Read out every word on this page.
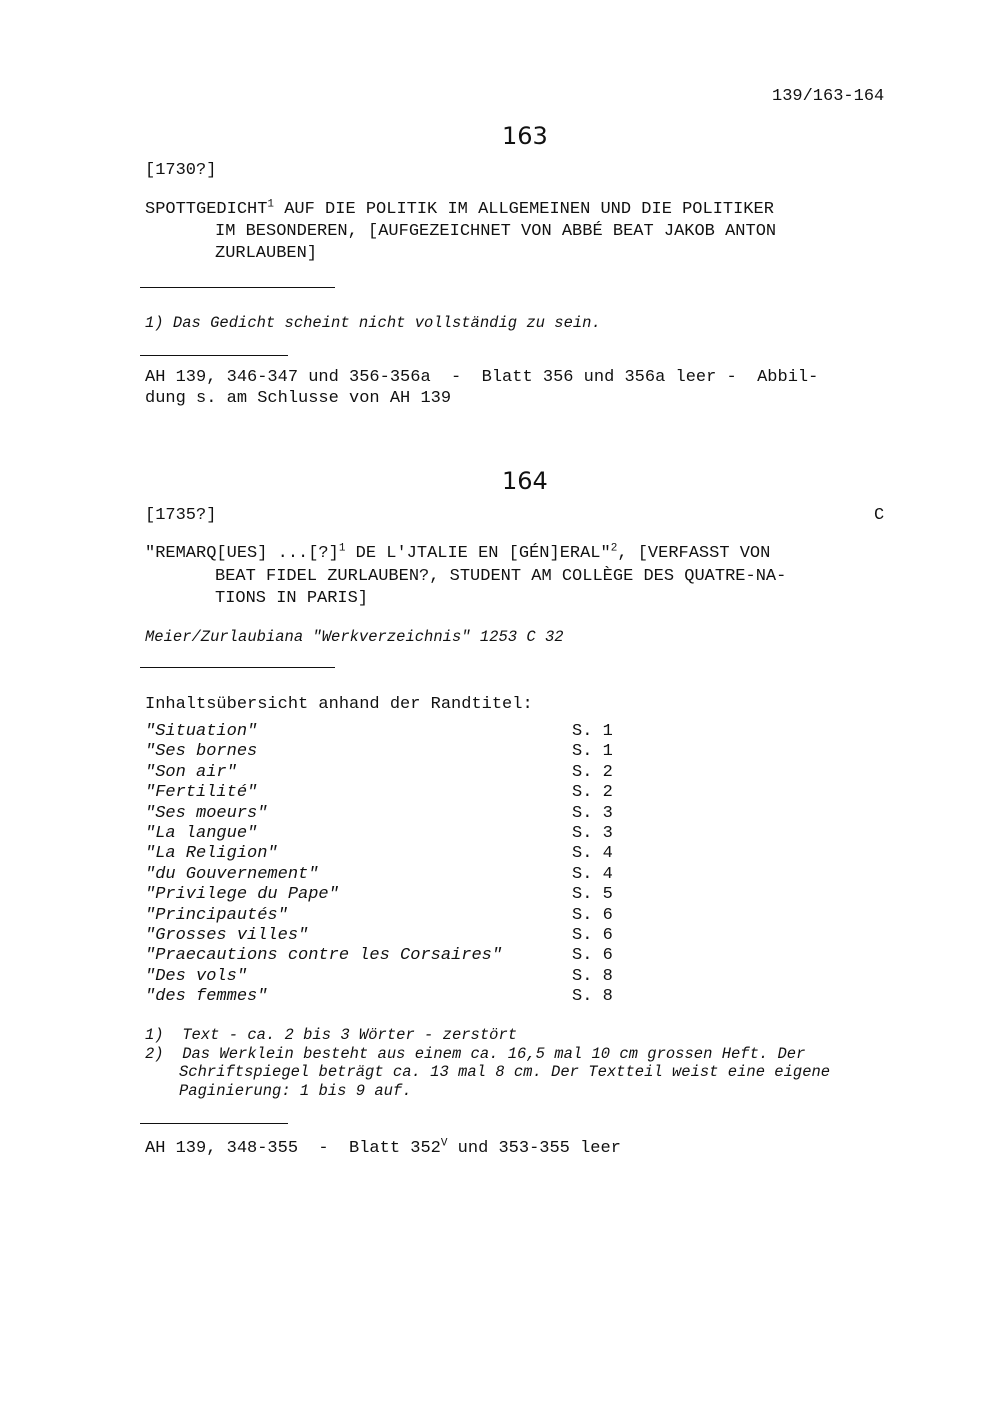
139/163-164
163
[1730?]
SPOTTGEDICHT$^1$ AUF DIE POLITIK IM ALLGEMEINEN UND DIE POLITIKER
IM BESONDEREN, [AUFGEZEICHNET VON ABBÉ BEAT JAKOB ANTON
ZURLAUBEN]
1) Das Gedicht scheint nicht vollständig zu sein.
AH 139, 346-347 und 356-356a  -  Blatt 356 und 356a leer -  Abbil-
dung s. am Schlusse von AH 139
164
[1735?]	C
"REMARQ[UES] ...[?]$^1$ DE L'JTALIE EN [GÉN]ERAL"$^2$, [VERFASST VON
BEAT FIDEL ZURLAUBEN?, STUDENT AM COLLÈGE DES QUATRE-NA-
TIONS IN PARIS]
Meier/Zurlaubiana "Werkverzeichnis" 1253 C 32
Inhaltsübersicht anhand der Randtitel:
"Situation"	S. 1
"Ses bornes	S. 1
"Son air"	S. 2
"Fertilité"	S. 2
"Ses moeurs"	S. 3
"La langue"	S. 3
"La Religion"	S. 4
"du Gouvernement"	S. 4
"Privilege du Pape"	S. 5
"Principautés"	S. 6
"Grosses villes"	S. 6
"Praecautions contre les Corsaires"	S. 6
"Des vols"	S. 8
"des femmes"	S. 8
1)  Text - ca. 2 bis 3 Wörter - zerstört
2)  Das Werklein besteht aus einem ca. 16,5 mal 10 cm grossen Heft. Der
Schriftspiegel beträgt ca. 13 mal 8 cm. Der Textteil weist eine eigene
Paginierung: 1 bis 9 auf.
AH 139, 348-355  -  Blatt $352^V$ und 353-355 leer
